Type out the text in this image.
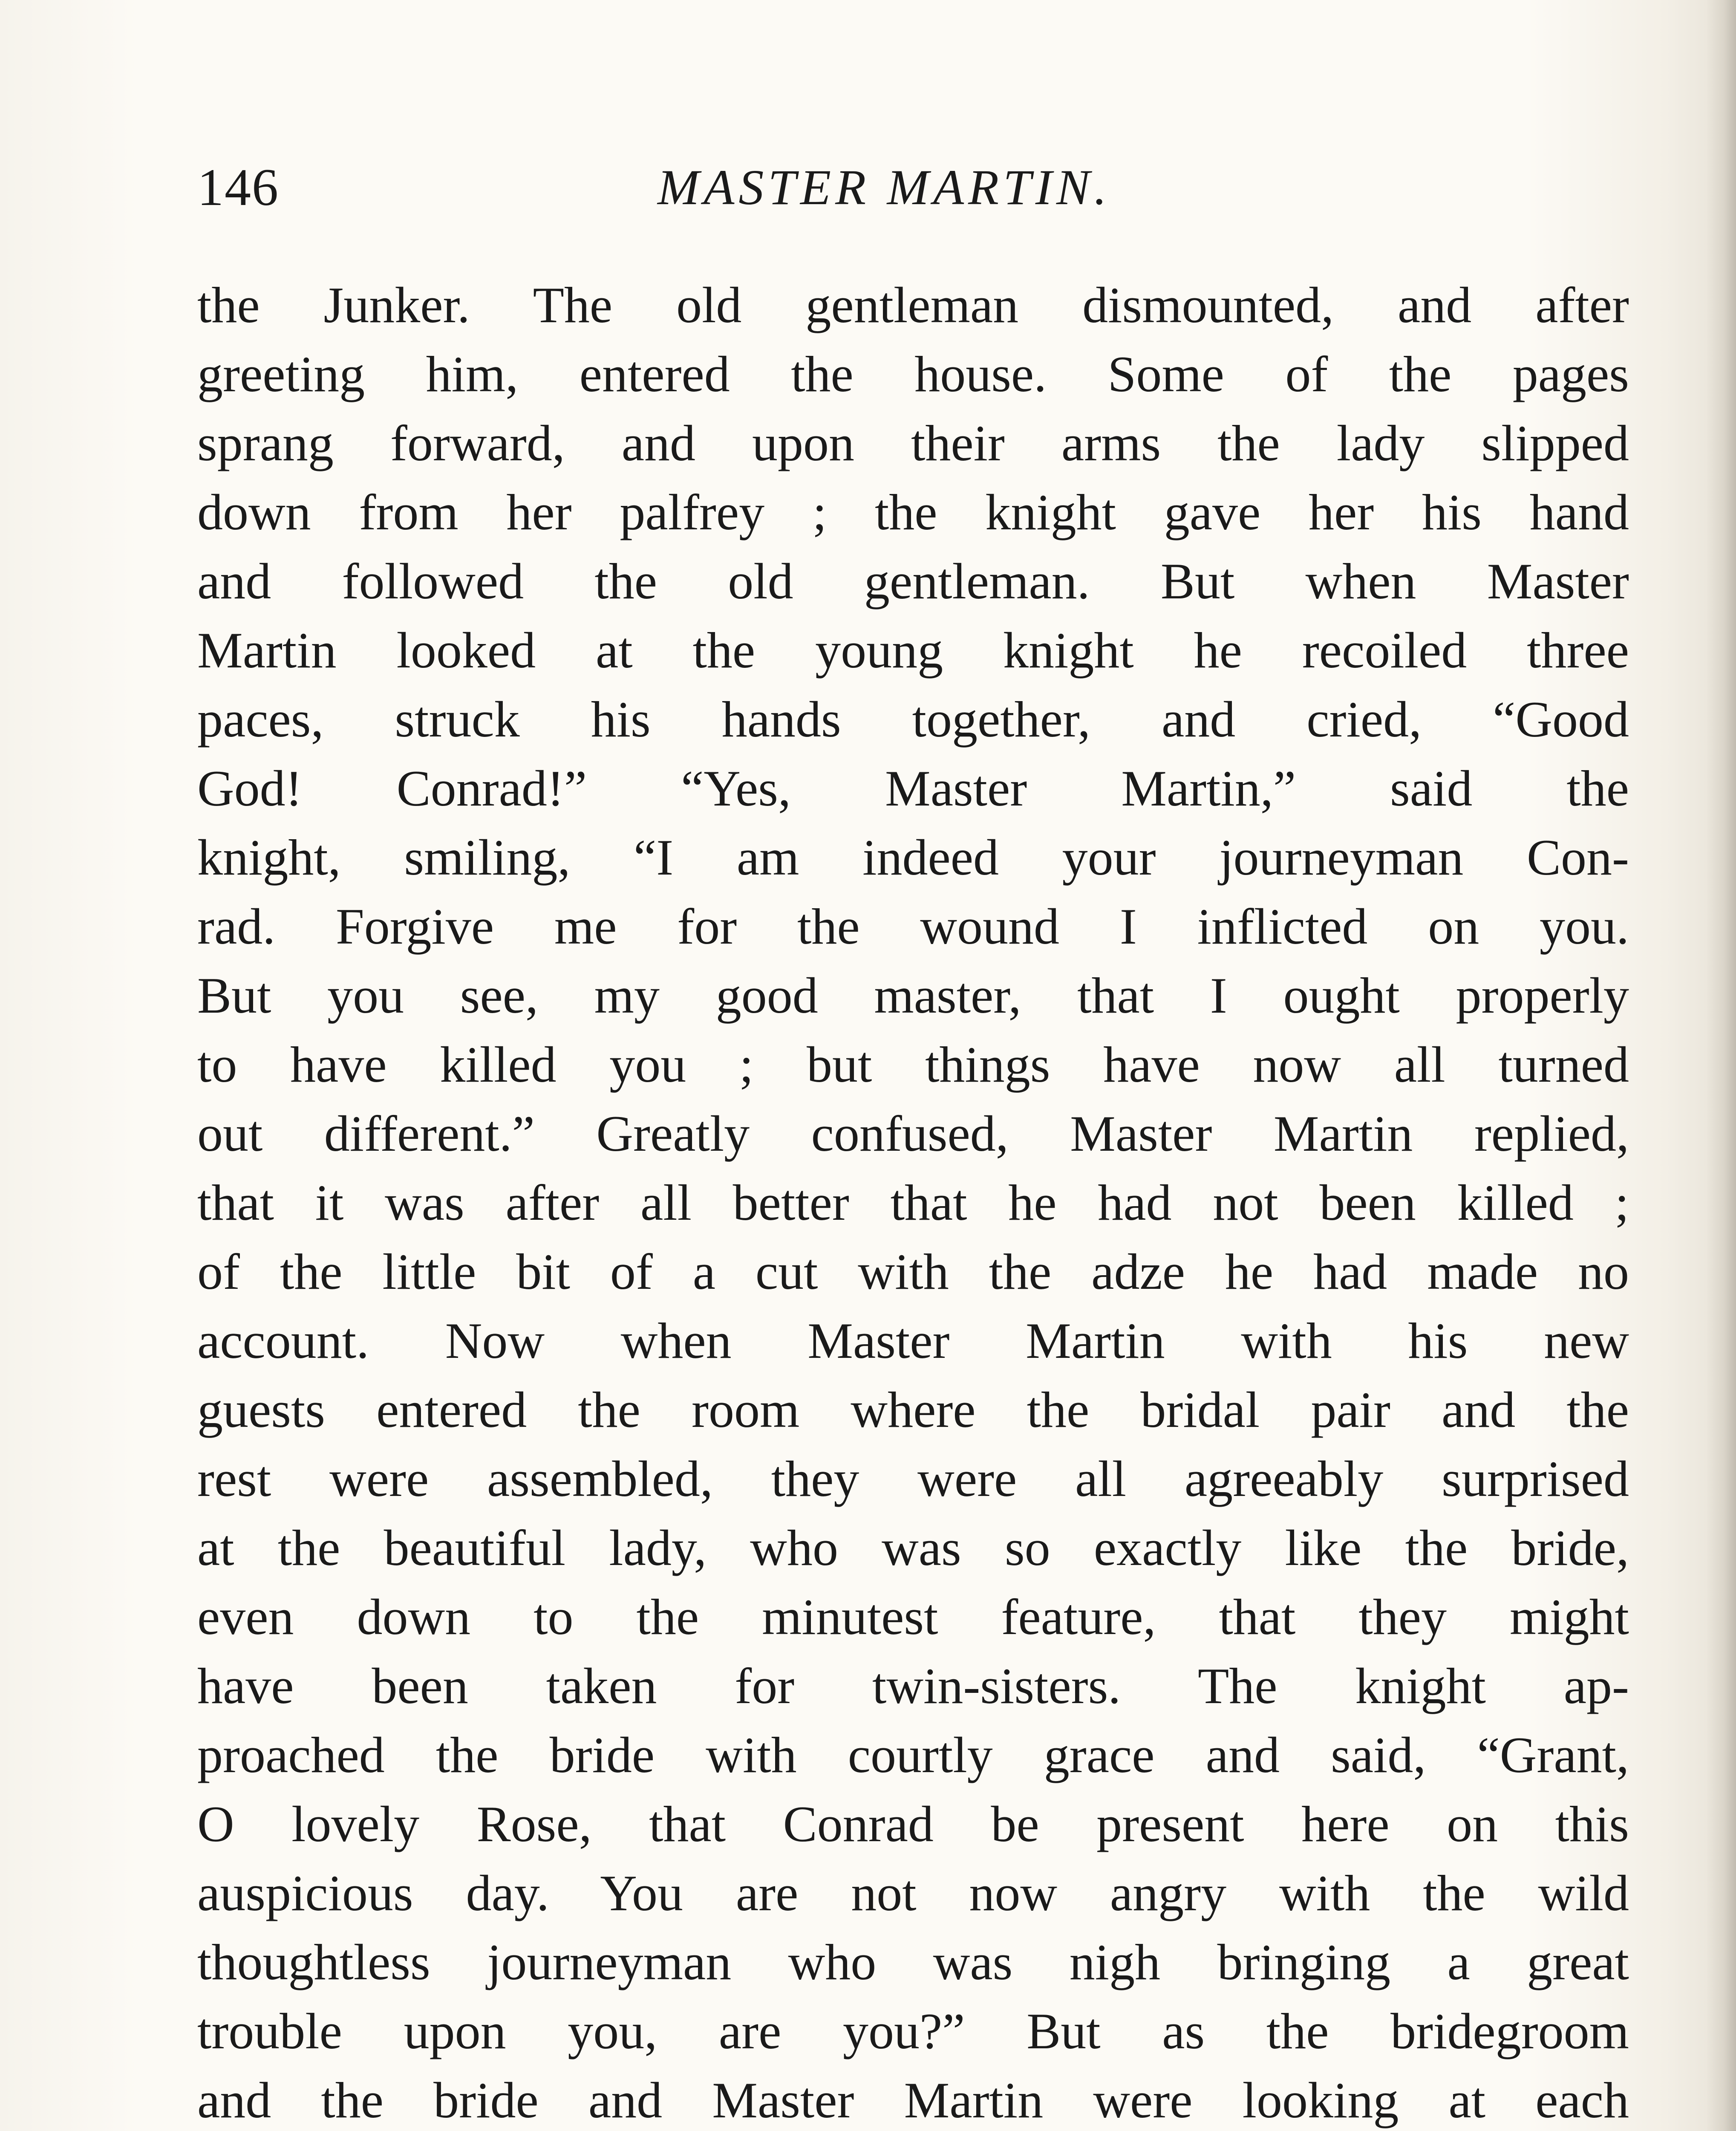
146	MASTER MARTIN.
the Junker. The old gentleman dismounted, and after
greeting him, entered the house. Some of the pages
sprang forward, and upon their arms the lady slipped
down from her palfrey ; the knight gave her his hand
and followed the old gentleman. But when Master
Martin looked at the young knight he recoiled three
paces, struck his hands together, and cried, “Good
God! Conrad!” “Yes, Master Martin,” said the
knight, smiling, “I am indeed your journeyman Con-
rad. Forgive me for the wound I inflicted on you.
But you see, my good master, that I ought properly
to have killed you ; but things have now all turned
out different.” Greatly confused, Master Martin replied,
that it was after all better that he had not been killed ;
of the little bit of a cut with the adze he had made no
account. Now when Master Martin with his new
guests entered the room where the bridal pair and the
rest were assembled, they were all agreeably surprised
at the beautiful lady, who was so exactly like the bride,
even down to the minutest feature, that they might
have been taken for twin-sisters. The knight ap-
proached the bride with courtly grace and said, “Grant,
O lovely Rose, that Conrad be present here on this
auspicious day. You are not now angry with the wild
thoughtless journeyman who was nigh bringing a great
trouble upon you, are you?” But as the bridegroom
and the bride and Master Martin were looking at each
